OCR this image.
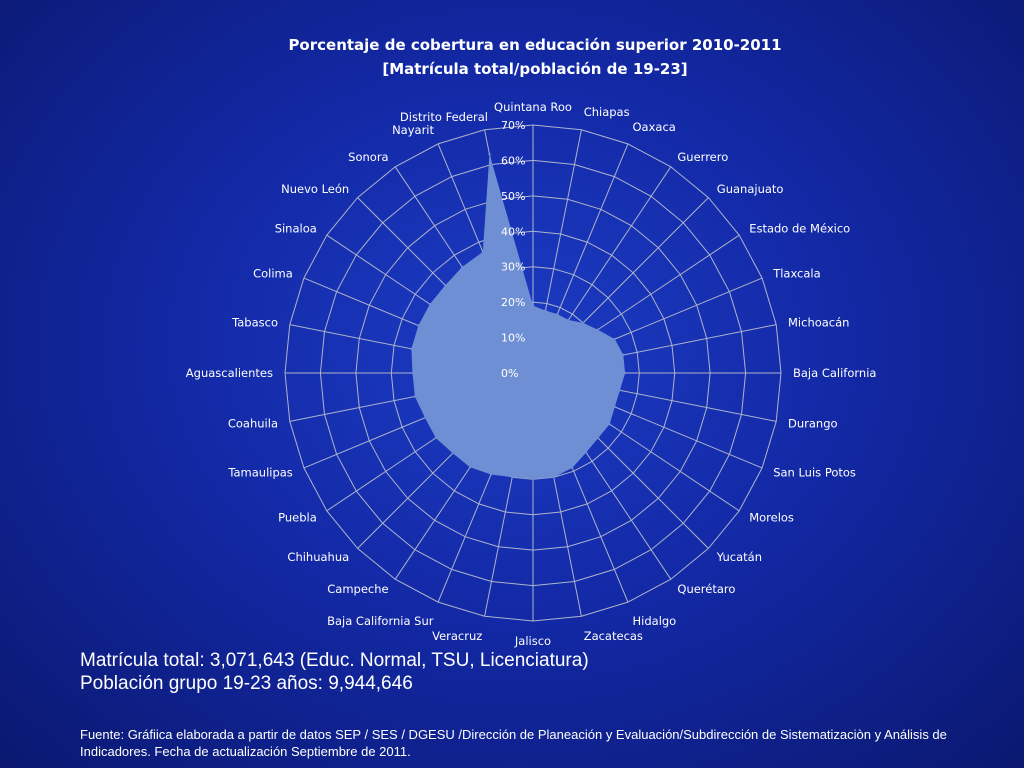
0%
10%
20%
30%
40%
50%
60%
70%
Quintana Roo Chiapas
Oaxaca
Guerrero
Guanajuato
Estado de México
Tlaxcala
Michoacán
Baja California
Durango
San Luis Potos
Morelos
Yucatán
Querétaro
Hidalgo
Zacatecas
Jalisco
Veracruz
Baja California Sur
Campeche
Chihuahua
Puebla
Tamaulipas
Coahuila
Aguascalientes
Tabasco
Colima
Sinaloa
Nuevo León
Sonora
Nayarit
Distrito Federal
Porcentaje de cobertura en educación superior 2010-2011
[Matrícula total/población de 19-23]
Matrícula total: 3,071,643 (Educ. Normal, TSU, Licenciatura)
Población grupo 19-23 años: 9,944,646
Fuente: Gráfiica elaborada a partir de datos SEP / SES / DGESU /Dirección de Planeación y Evaluación/Subdirección de Sistematizaciòn y Análisis de Indicadores. Fecha de actualización Septiembre de 2011.
